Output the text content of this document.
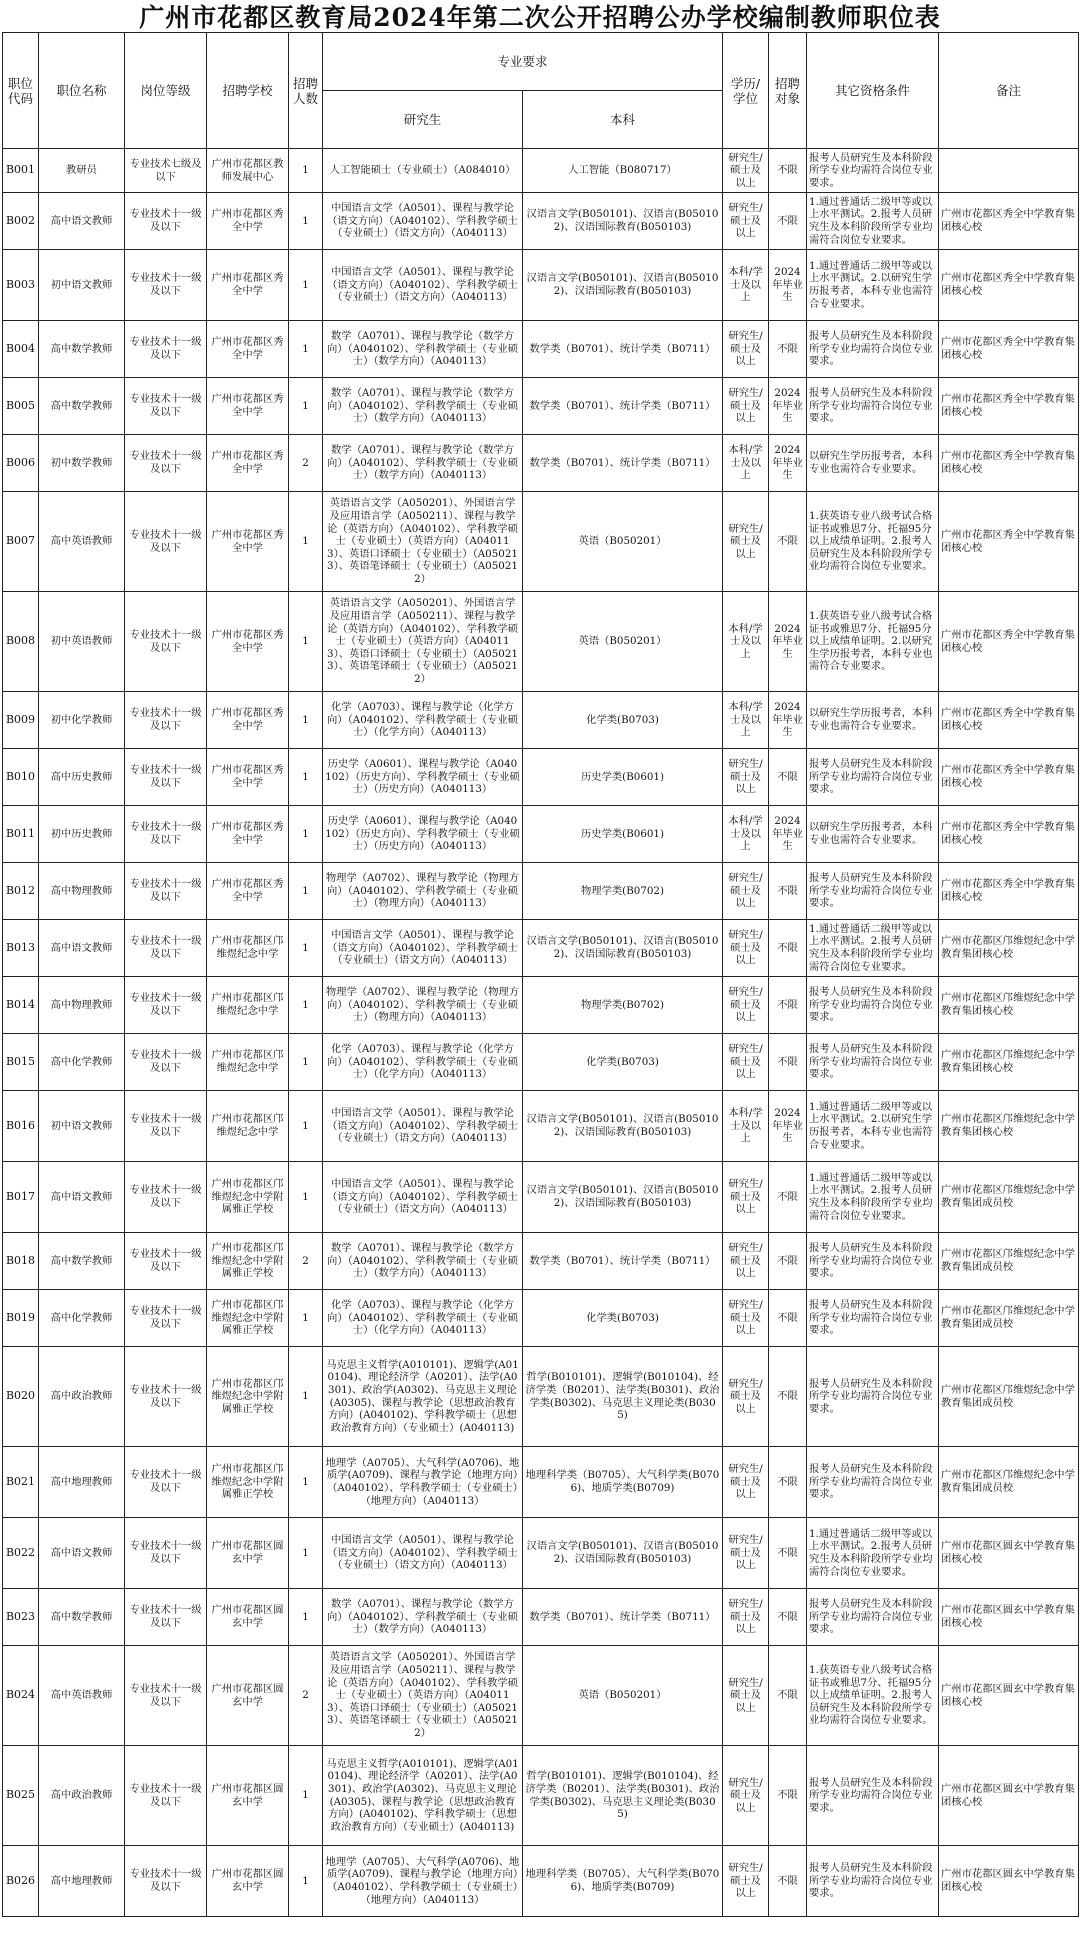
广州市花都区教育局2024年第二次公开招聘公办学校编制教师职位表
职位代码	职位名称	岗位等级	招聘学校	招聘人数	专业要求		学历/学位	招聘对象	其它资格条件	备注
					研究生	本科				
B001	教研员	专业技术七级及以下	广州市花都区教师发展中心	1	人工智能硕士（专业硕士）（A084010）	人工智能（B080717）	研究生/硕士及以上	不限	报考人员研究生及本科阶段所学专业均需符合岗位专业要求。	
B002	高中语文教师	专业技术十一级及以下	广州市花都区秀全中学	1	中国语言文学（A0501）、课程与教学论（语文方向）（A040102）、学科教学硕士（专业硕士）（语文方向）（A040113）	汉语言文学(B050101)、汉语言(B050102)、汉语国际教育(B050103)	研究生/硕士及以上	不限	1.通过普通话二级甲等或以上水平测试。2.报考人员研究生及本科阶段所学专业均需符合岗位专业要求。	广州市花都区秀全中学教育集团核心校
B003	初中语文教师	专业技术十一级及以下	广州市花都区秀全中学	1	中国语言文学（A0501）、课程与教学论（语文方向）（A040102）、学科教学硕士（专业硕士）（语文方向）（A040113）	汉语言文学(B050101)、汉语言(B050102)、汉语国际教育(B050103)	本科/学士及以上	2024年毕业生	1.通过普通话二级甲等或以上水平测试。2.以研究生学历报考者，本科专业也需符合专业要求。	广州市花都区秀全中学教育集团核心校
B004	高中数学教师	专业技术十一级及以下	广州市花都区秀全中学	1	数学（A0701）、课程与教学论（数学方向）（A040102）、学科教学硕士（专业硕士）（数学方向）（A040113）	数学类（B0701）、统计学类（B0711）	研究生/硕士及以上	不限	报考人员研究生及本科阶段所学专业均需符合岗位专业要求。	广州市花都区秀全中学教育集团核心校
B005	高中数学教师	专业技术十一级及以下	广州市花都区秀全中学	1	数学（A0701）、课程与教学论（数学方向）（A040102）、学科教学硕士（专业硕士）（数学方向）（A040113）	数学类（B0701）、统计学类（B0711）	研究生/硕士及以上	2024年毕业生	报考人员研究生及本科阶段所学专业均需符合岗位专业要求。	广州市花都区秀全中学教育集团核心校
B006	初中数学教师	专业技术十一级及以下	广州市花都区秀全中学	2	数学（A0701）、课程与教学论（数学方向）（A040102）、学科教学硕士（专业硕士）（数学方向）（A040113）	数学类（B0701）、统计学类（B0711）	本科/学士及以上	2024年毕业生	以研究生学历报考者，本科专业也需符合专业要求。	广州市花都区秀全中学教育集团核心校
B007	高中英语教师	专业技术十一级及以下	广州市花都区秀全中学	1	英语语言文学（A050201）、外国语言学及应用语言学（A050211）、课程与教学论（英语方向）（A040102）、学科教学硕士（专业硕士）（英语方向）（A040113）、英语口译硕士（专业硕士）（A050213）、英语笔译硕士（专业硕士）（A050212）	英语（B050201）	研究生/硕士及以上	不限	1.获英语专业八级考试合格证书或雅思7分、托福95分以上成绩单证明。2.报考人员研究生及本科阶段所学专业均需符合岗位专业要求。	广州市花都区秀全中学教育集团核心校
B008	初中英语教师	专业技术十一级及以下	广州市花都区秀全中学	1	英语语言文学（A050201）、外国语言学及应用语言学（A050211）、课程与教学论（英语方向）（A040102）、学科教学硕士（专业硕士）（英语方向）（A040113）、英语口译硕士（专业硕士）（A050213）、英语笔译硕士（专业硕士）（A050212）	英语（B050201）	本科/学士及以上	2024年毕业生	1.获英语专业八级考试合格证书或雅思7分、托福95分以上成绩单证明。2.以研究生学历报考者，本科专业也需符合专业要求。	广州市花都区秀全中学教育集团核心校
B009	初中化学教师	专业技术十一级及以下	广州市花都区秀全中学	1	化学（A0703）、课程与教学论（化学方向）（A040102）、学科教学硕士（专业硕士）（化学方向）（A040113）	化学类(B0703)	本科/学士及以上	2024年毕业生	以研究生学历报考者，本科专业也需符合专业要求。	广州市花都区秀全中学教育集团核心校
B010	高中历史教师	专业技术十一级及以下	广州市花都区秀全中学	1	历史学（A0601）、课程与教学论（A040102）（历史方向）、学科教学硕士（专业硕士）（历史方向）（A040113）	历史学类(B0601)	研究生/硕士及以上	不限	报考人员研究生及本科阶段所学专业均需符合岗位专业要求。	广州市花都区秀全中学教育集团核心校
B011	初中历史教师	专业技术十一级及以下	广州市花都区秀全中学	1	历史学（A0601）、课程与教学论（A040102）（历史方向）、学科教学硕士（专业硕士）（历史方向）（A040113）	历史学类(B0601)	本科/学士及以上	2024年毕业生	以研究生学历报考者，本科专业也需符合专业要求。	广州市花都区秀全中学教育集团核心校
B012	高中物理教师	专业技术十一级及以下	广州市花都区秀全中学	1	物理学（A0702）、课程与教学论（物理方向）（A040102）、学科教学硕士（专业硕士）（物理方向）（A040113）	物理学类(B0702)	研究生/硕士及以上	不限	报考人员研究生及本科阶段所学专业均需符合岗位专业要求。	广州市花都区秀全中学教育集团核心校
B013	高中语文教师	专业技术十一级及以下	广州市花都区邝维煜纪念中学	1	中国语言文学（A0501）、课程与教学论（语文方向）（A040102）、学科教学硕士（专业硕士）（语文方向）（A040113）	汉语言文学(B050101)、汉语言(B050102)、汉语国际教育(B050103)	研究生/硕士及以上	不限	1.通过普通话二级甲等或以上水平测试。2.报考人员研究生及本科阶段所学专业均需符合岗位专业要求。	广州市花都区邝维煜纪念中学教育集团核心校
B014	高中物理教师	专业技术十一级及以下	广州市花都区邝维煜纪念中学	1	物理学（A0702）、课程与教学论（物理方向）（A040102）、学科教学硕士（专业硕士）（物理方向）（A040113）	物理学类(B0702)	研究生/硕士及以上	不限	报考人员研究生及本科阶段所学专业均需符合岗位专业要求。	广州市花都区邝维煜纪念中学教育集团核心校
B015	高中化学教师	专业技术十一级及以下	广州市花都区邝维煜纪念中学	1	化学（A0703）、课程与教学论（化学方向）（A040102）、学科教学硕士（专业硕士）（化学方向）（A040113）	化学类(B0703)	研究生/硕士及以上	不限	报考人员研究生及本科阶段所学专业均需符合岗位专业要求。	广州市花都区邝维煜纪念中学教育集团核心校
B016	初中语文教师	专业技术十一级及以下	广州市花都区邝维煜纪念中学	1	中国语言文学（A0501）、课程与教学论（语文方向）（A040102）、学科教学硕士（专业硕士）（语文方向）（A040113）	汉语言文学(B050101)、汉语言(B050102)、汉语国际教育(B050103)	本科/学士及以上	2024年毕业生	1.通过普通话二级甲等或以上水平测试。2.以研究生学历报考者，本科专业也需符合专业要求。	广州市花都区邝维煜纪念中学教育集团核心校
B017	高中语文教师	专业技术十一级及以下	广州市花都区邝维煜纪念中学附属雅正学校	1	中国语言文学（A0501）、课程与教学论（语文方向）（A040102）、学科教学硕士（专业硕士）（语文方向）（A040113）	汉语言文学(B050101)、汉语言(B050102)、汉语国际教育(B050103)	研究生/硕士及以上	不限	1.通过普通话二级甲等或以上水平测试。2.报考人员研究生及本科阶段所学专业均需符合岗位专业要求。	广州市花都区邝维煜纪念中学教育集团成员校
B018	高中数学教师	专业技术十一级及以下	广州市花都区邝维煜纪念中学附属雅正学校	2	数学（A0701）、课程与教学论（数学方向）（A040102）、学科教学硕士（专业硕士）（数学方向）（A040113）	数学类（B0701）、统计学类（B0711）	研究生/硕士及以上	不限	报考人员研究生及本科阶段所学专业均需符合岗位专业要求。	广州市花都区邝维煜纪念中学教育集团成员校
B019	高中化学教师	专业技术十一级及以下	广州市花都区邝维煜纪念中学附属雅正学校	1	化学（A0703）、课程与教学论（化学方向）（A040102）、学科教学硕士（专业硕士）（化学方向）（A040113）	化学类(B0703)	研究生/硕士及以上	不限	报考人员研究生及本科阶段所学专业均需符合岗位专业要求。	广州市花都区邝维煜纪念中学教育集团成员校
B020	高中政治教师	专业技术十一级及以下	广州市花都区邝维煜纪念中学附属雅正学校	1	马克思主义哲学(A010101)、逻辑学(A010104)、理论经济学（A0201）、法学(A0301)、政治学(A0302)、马克思主义理论(A0305)、课程与教学论（思想政治教育方向）(A040102)、学科教学硕士（思想政治教育方向）（专业硕士）(A040113)	哲学(B010101)、逻辑学(B010104)、经济学类（B0201）、法学类(B0301)、政治学类(B0302)、马克思主义理论类(B0305)	研究生/硕士及以上	不限	报考人员研究生及本科阶段所学专业均需符合岗位专业要求。	广州市花都区邝维煜纪念中学教育集团成员校
B021	高中地理教师	专业技术十一级及以下	广州市花都区邝维煜纪念中学附属雅正学校	1	地理学（A0705）、大气科学(A0706)、地质学(A0709)、课程与教学论（地理方向）（A040102）、学科教学硕士（专业硕士）（地理方向）（A040113）	地理科学类（B0705）、大气科学类(B0706)、地质学类(B0709)	研究生/硕士及以上	不限	报考人员研究生及本科阶段所学专业均需符合岗位专业要求。	广州市花都区邝维煜纪念中学教育集团成员校
B022	高中语文教师	专业技术十一级及以下	广州市花都区圆玄中学	1	中国语言文学（A0501）、课程与教学论（语文方向）（A040102）、学科教学硕士（专业硕士）（语文方向）（A040113）	汉语言文学(B050101)、汉语言(B050102)、汉语国际教育(B050103)	研究生/硕士及以上	不限	1.通过普通话二级甲等或以上水平测试。2.报考人员研究生及本科阶段所学专业均需符合岗位专业要求。	广州市花都区圆玄中学教育集团核心校
B023	高中数学教师	专业技术十一级及以下	广州市花都区圆玄中学	1	数学（A0701）、课程与教学论（数学方向）（A040102）、学科教学硕士（专业硕士）（数学方向）（A040113）	数学类（B0701）、统计学类（B0711）	研究生/硕士及以上	不限	报考人员研究生及本科阶段所学专业均需符合岗位专业要求。	广州市花都区圆玄中学教育集团核心校
B024	高中英语教师	专业技术十一级及以下	广州市花都区圆玄中学	2	英语语言文学（A050201）、外国语言学及应用语言学（A050211）、课程与教学论（英语方向）（A040102）、学科教学硕士（专业硕士）（英语方向）（A040113）、英语口译硕士（专业硕士）（A050213）、英语笔译硕士（专业硕士）（A050212）	英语（B050201）	研究生/硕士及以上	不限	1.获英语专业八级考试合格证书或雅思7分、托福95分以上成绩单证明。2.报考人员研究生及本科阶段所学专业均需符合岗位专业要求。	广州市花都区圆玄中学教育集团核心校
B025	高中政治教师	专业技术十一级及以下	广州市花都区圆玄中学	1	马克思主义哲学(A010101)、逻辑学(A010104)、理论经济学（A0201）、法学(A0301)、政治学(A0302)、马克思主义理论(A0305)、课程与教学论（思想政治教育方向）(A040102)、学科教学硕士（思想政治教育方向）（专业硕士）(A040113)	哲学(B010101)、逻辑学(B010104)、经济学类（B0201）、法学类(B0301)、政治学类(B0302)、马克思主义理论类(B0305)	研究生/硕士及以上	不限	报考人员研究生及本科阶段所学专业均需符合岗位专业要求。	广州市花都区圆玄中学教育集团核心校
B026	高中地理教师	专业技术十一级及以下	广州市花都区圆玄中学	1	地理学（A0705）、大气科学(A0706)、地质学(A0709)、课程与教学论（地理方向）（A040102）、学科教学硕士（专业硕士）（地理方向）（A040113）	地理科学类（B0705）、大气科学类(B0706)、地质学类(B0709)	研究生/硕士及以上	不限	报考人员研究生及本科阶段所学专业均需符合岗位专业要求。	广州市花都区圆玄中学教育集团核心校
